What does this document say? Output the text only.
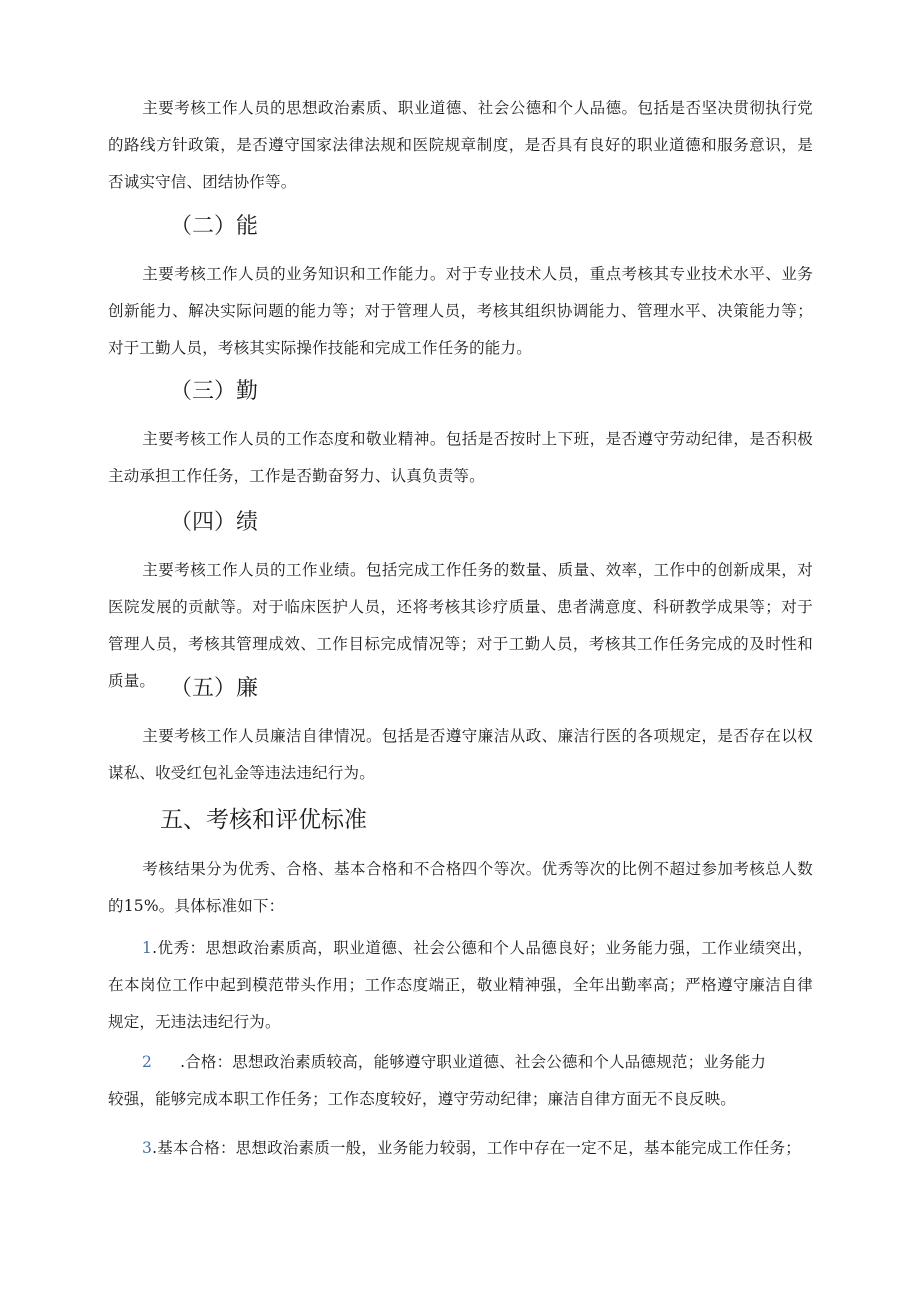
主要考核工作人员的思想政治素质、职业道德、社会公德和个人品德。包括是否坚决贯彻执行党的路线方针政策，是否遵守国家法律法规和医院规章制度，是否具有良好的职业道德和服务意识，是否诚实守信、团结协作等。

（二）能

主要考核工作人员的业务知识和工作能力。对于专业技术人员，重点考核其专业技术水平、业务创新能力、解决实际问题的能力等；对于管理人员，考核其组织协调能力、管理水平、决策能力等；对于工勤人员，考核其实际操作技能和完成工作任务的能力。

（三）勤

主要考核工作人员的工作态度和敬业精神。包括是否按时上下班，是否遵守劳动纪律，是否积极主动承担工作任务，工作是否勤奋努力、认真负责等。

（四）绩

主要考核工作人员的工作业绩。包括完成工作任务的数量、质量、效率，工作中的创新成果，对医院发展的贡献等。对于临床医护人员，还将考核其诊疗质量、患者满意度、科研教学成果等；对于管理人员，考核其管理成效、工作目标完成情况等；对于工勤人员，考核其工作任务完成的及时性和质量。 （五）廉

主要考核工作人员廉洁自律情况。包括是否遵守廉洁从政、廉洁行医的各项规定，是否存在以权谋私、收受红包礼金等违法违纪行为。

五、考核和评优标准

考核结果分为优秀、合格、基本合格和不合格四个等次。优秀等次的比例不超过参加考核总人数的15%。具体标准如下：

1.优秀：思想政治素质高，职业道德、社会公德和个人品德良好；业务能力强，工作业绩突出，在本岗位工作中起到模范带头作用；工作态度端正，敬业精神强，全年出勤率高；严格遵守廉洁自律规定，无违法违纪行为。

2 .合格：思想政治素质较高，能够遵守职业道德、社会公德和个人品德规范；业务能力
较强，能够完成本职工作任务；工作态度较好，遵守劳动纪律；廉洁自律方面无不良反映。

3.基本合格：思想政治素质一般，业务能力较弱，工作中存在一定不足，基本能完成工作任务；
